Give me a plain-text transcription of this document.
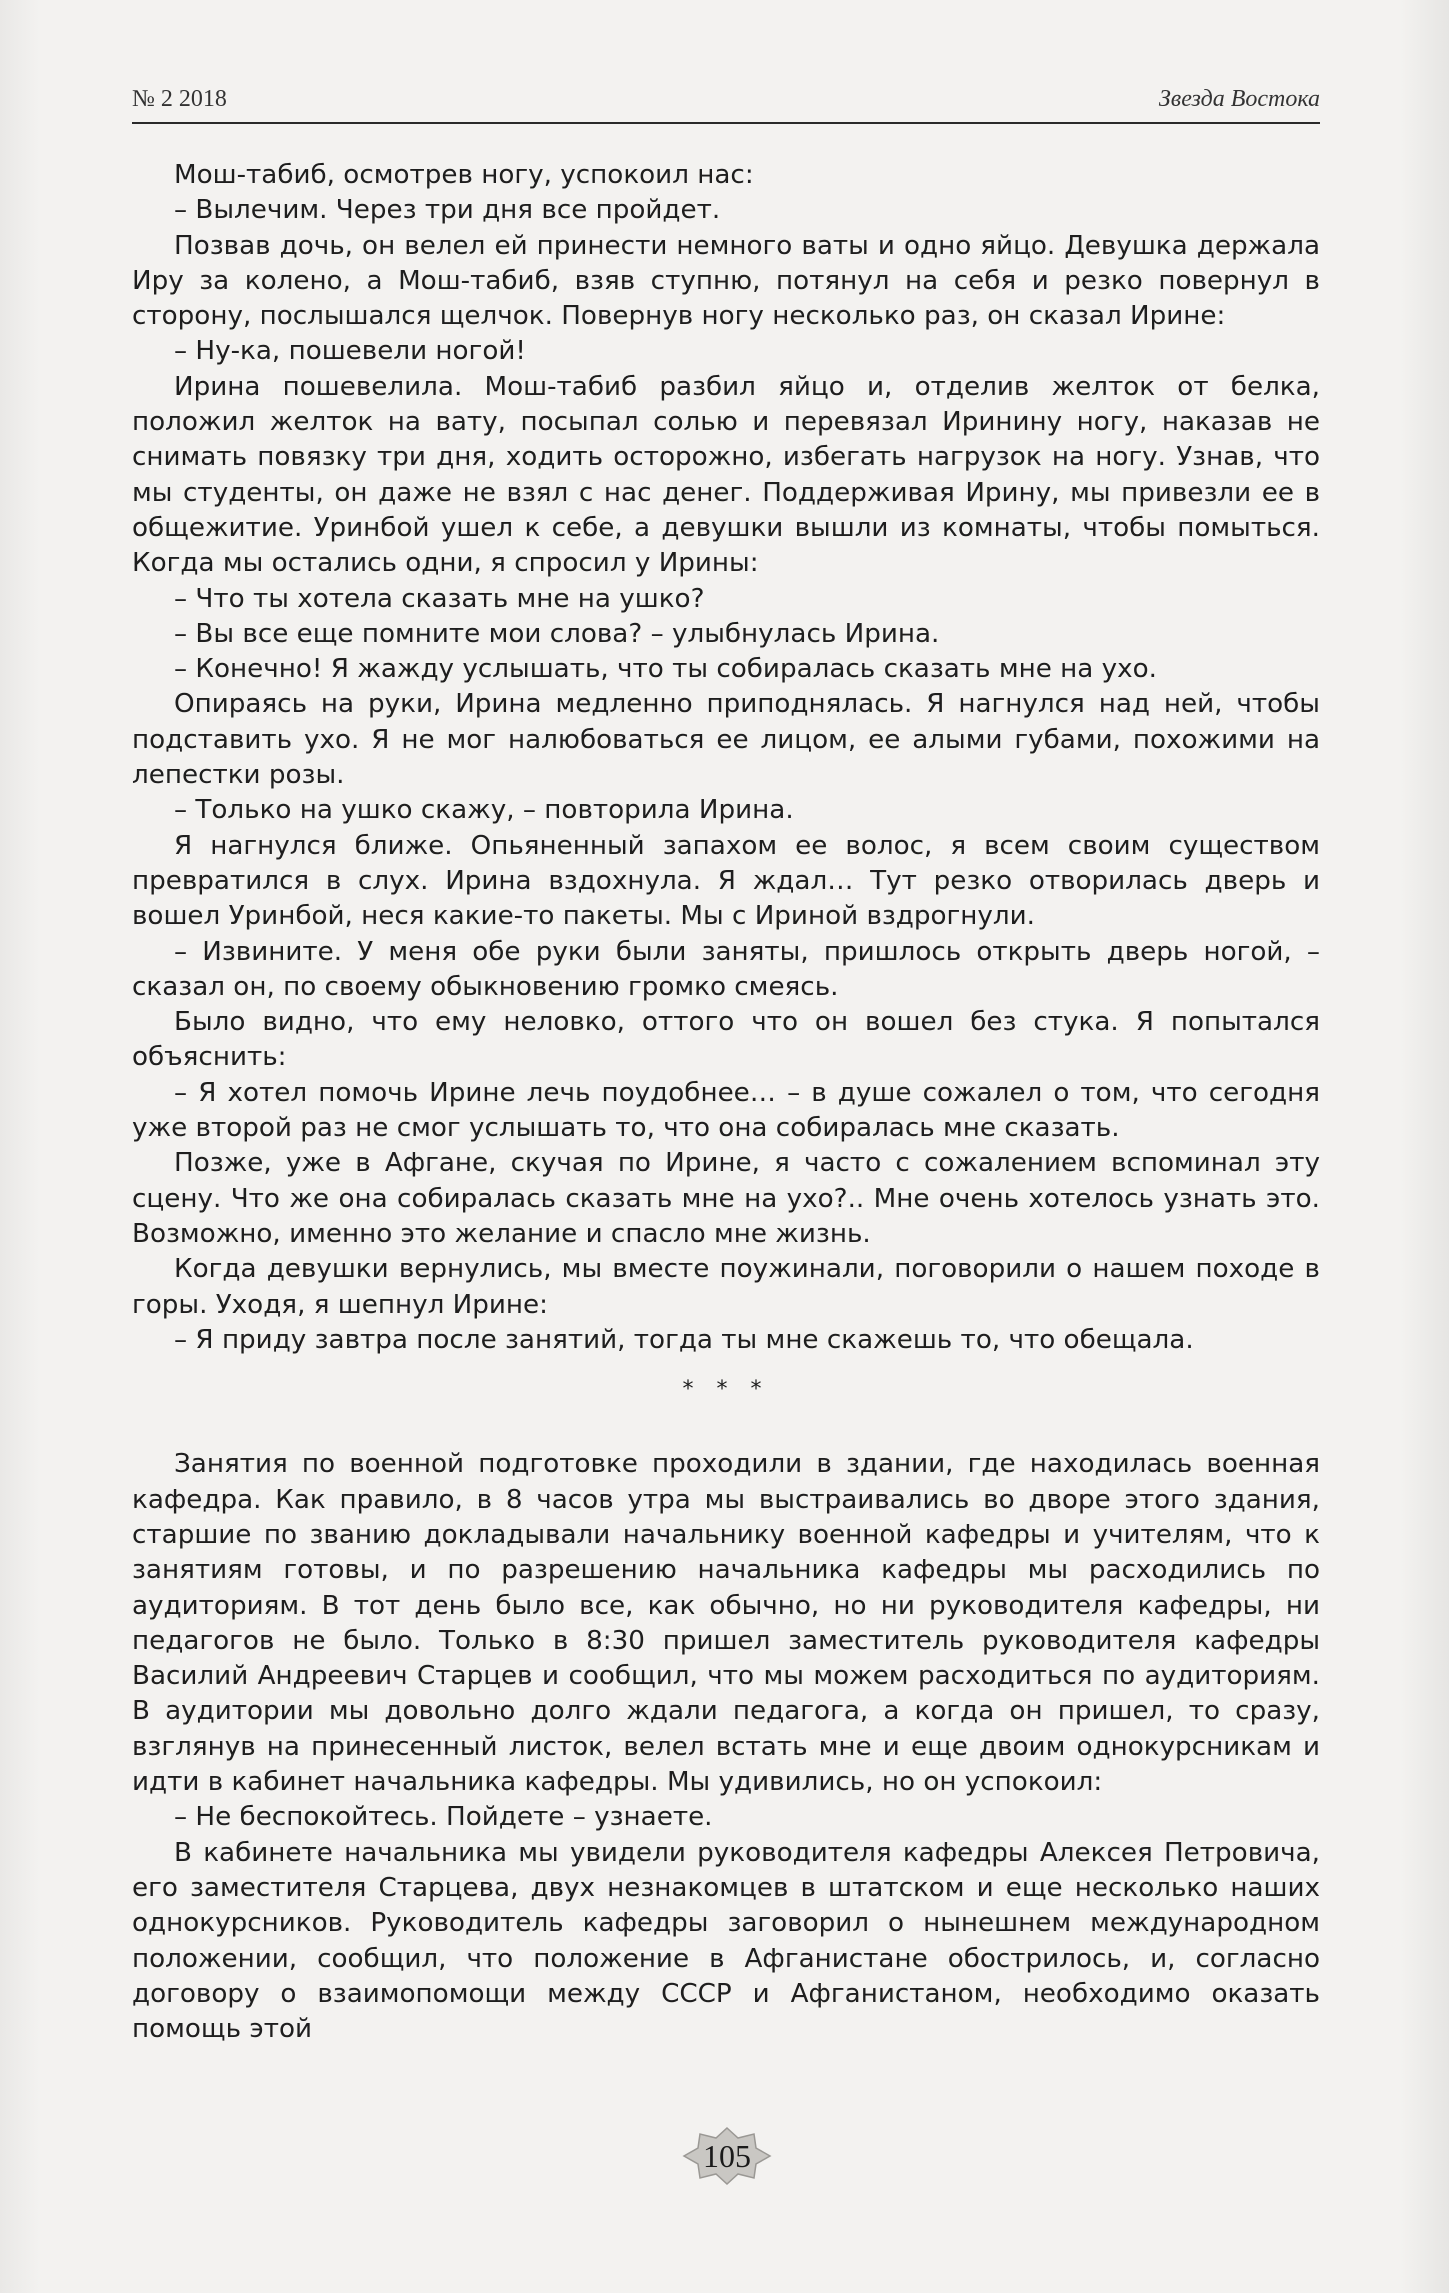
№ 2 2018	Звезда Востока

Мош-табиб, осмотрев ногу, успокоил нас:

– Вылечим. Через три дня все пройдет.

Позвав дочь, он велел ей принести немного ваты и одно яйцо. Девушка держала Иру за колено, а Мош-табиб, взяв ступню, потянул на себя и резко повернул в сторону, послышался щелчок. Повернув ногу несколько раз, он сказал Ирине:

– Ну-ка, пошевели ногой!

Ирина пошевелила. Мош-табиб разбил яйцо и, отделив желток от белка, положил желток на вату, посыпал солью и перевязал Иринину ногу, наказав не снимать повязку три дня, ходить осторожно, избегать нагрузок на ногу. Узнав, что мы студенты, он даже не взял с нас денег. Поддерживая Ирину, мы привезли ее в общежитие. Уринбой ушел к себе, а девушки вышли из комнаты, чтобы помыться. Когда мы остались одни, я спросил у Ирины:

– Что ты хотела сказать мне на ушко?

– Вы все еще помните мои слова? – улыбнулась Ирина.

– Конечно! Я жажду услышать, что ты собиралась сказать мне на ухо.

Опираясь на руки, Ирина медленно приподнялась. Я нагнулся над ней, чтобы подставить ухо. Я не мог налюбоваться ее лицом, ее алыми губами, похожими на лепестки розы.

– Только на ушко скажу, – повторила Ирина.

Я нагнулся ближе. Опьяненный запахом ее волос, я всем своим существом превратился в слух. Ирина вздохнула. Я ждал… Тут резко отворилась дверь и вошел Уринбой, неся какие-то пакеты. Мы с Ириной вздрогнули.

– Извините. У меня обе руки были заняты, пришлось открыть дверь ногой, – сказал он, по своему обыкновению громко смеясь.

Было видно, что ему неловко, оттого что он вошел без стука. Я попытался объяснить:

– Я хотел помочь Ирине лечь поудобнее… – в душе сожалел о том, что сегодня уже второй раз не смог услышать то, что она собиралась мне сказать.

Позже, уже в Афгане, скучая по Ирине, я часто с сожалением вспоминал эту сцену. Что же она собиралась сказать мне на ухо?.. Мне очень хотелось узнать это. Возможно, именно это желание и спасло мне жизнь.

Когда девушки вернулись, мы вместе поужинали, поговорили о нашем походе в горы. Уходя, я шепнул Ирине:

– Я приду завтра после занятий, тогда ты мне скажешь то, что обещала.

* * *

Занятия по военной подготовке проходили в здании, где находилась военная кафедра. Как правило, в 8 часов утра мы выстраивались во дворе этого здания, старшие по званию докладывали начальнику военной кафедры и учителям, что к занятиям готовы, и по разрешению начальника кафедры мы расходились по аудиториям. В тот день было все, как обычно, но ни руководителя кафедры, ни педагогов не было. Только в 8:30 пришел заместитель руководителя кафедры Василий Андреевич Старцев и сообщил, что мы можем расходиться по аудиториям. В аудитории мы довольно долго ждали педагога, а когда он пришел, то сразу, взглянув на принесенный листок, велел встать мне и еще двоим однокурсникам и идти в кабинет начальника кафедры. Мы удивились, но он успокоил:

– Не беспокойтесь. Пойдете – узнаете.

В кабинете начальника мы увидели руководителя кафедры Алексея Петровича, его заместителя Старцева, двух незнакомцев в штатском и еще несколько наших однокурсников. Руководитель кафедры заговорил о нынешнем международном положении, сообщил, что положение в Афганистане обострилось, и, согласно договору о взаимопомощи между СССР и Афганистаном, необходимо оказать помощь этой

105
